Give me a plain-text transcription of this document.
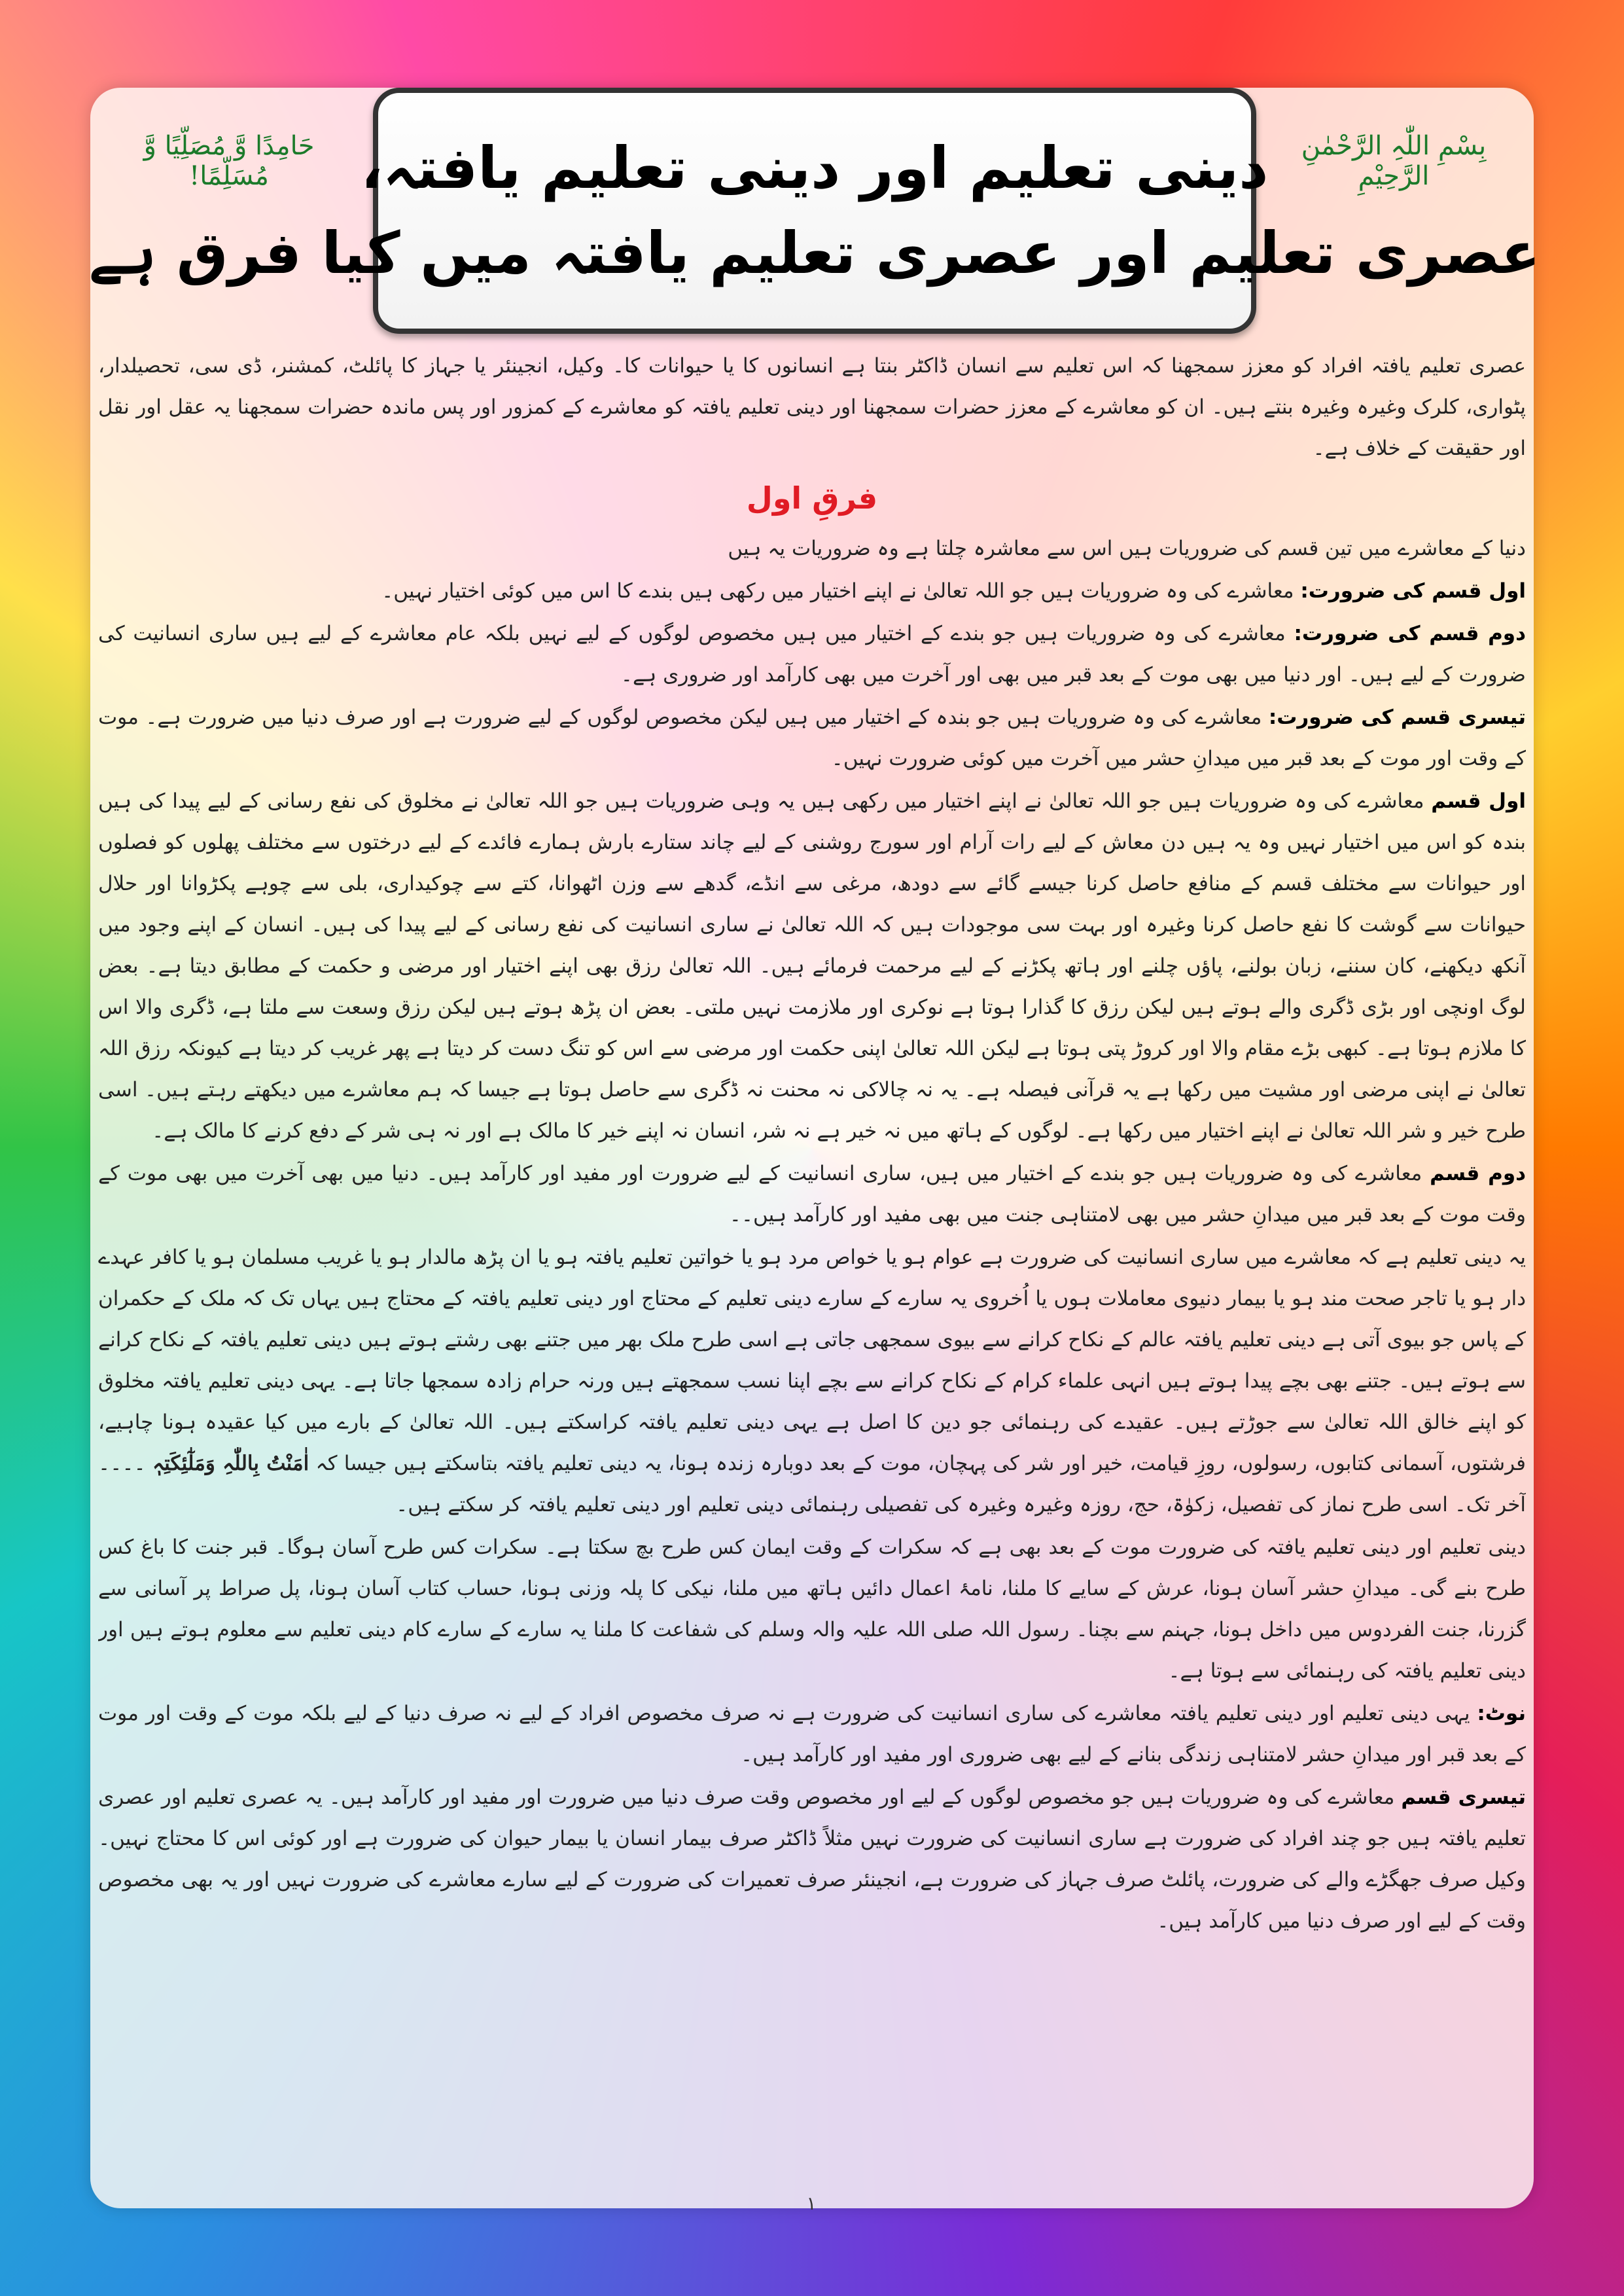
حَامِدًا وَّ مُصَلِّیًا وَّ مُسَلِّمًا!
بِسْمِ اللّٰہِ الرَّحْمٰنِ الرَّحِیْمِ
دینی تعلیم اور دینی تعلیم یافتہ،
عصری تعلیم اور عصری تعلیم یافتہ میں کیا فرق ہے

عصری تعلیم یافتہ افراد کو معزز سمجھنا کہ اس تعلیم سے انسان ڈاکٹر بنتا ہے انسانوں کا یا حیوانات کا۔ وکیل، انجینئر یا جہاز کا پائلٹ، کمشنر، ڈی سی، تحصیلدار، پٹواری، کلرک وغیرہ وغیرہ بنتے ہیں۔ ان کو معاشرے کے معزز حضرات سمجھنا اور دینی تعلیم یافتہ کو معاشرے کے کمزور اور پس ماندہ حضرات سمجھنا یہ عقل اور نقل اور حقیقت کے خلاف ہے۔

فرقِ اول

دنیا کے معاشرے میں تین قسم کی ضروریات ہیں اس سے معاشرہ چلتا ہے وہ ضروریات یہ ہیں

اول قسم کی ضرورت: معاشرے کی وہ ضروریات ہیں جو اللہ تعالیٰ نے اپنے اختیار میں رکھی ہیں بندے کا اس میں کوئی اختیار نہیں۔

دوم قسم کی ضرورت: معاشرے کی وہ ضروریات ہیں جو بندے کے اختیار میں ہیں مخصوص لوگوں کے لیے نہیں بلکہ عام معاشرے کے لیے ہیں ساری انسانیت کی ضرورت کے لیے ہیں۔ اور دنیا میں بھی موت کے بعد قبر میں بھی اور آخرت میں بھی کارآمد اور ضروری ہے۔

تیسری قسم کی ضرورت: معاشرے کی وہ ضروریات ہیں جو بندہ کے اختیار میں ہیں لیکن مخصوص لوگوں کے لیے ضرورت ہے اور صرف دنیا میں ضرورت ہے۔ موت کے وقت اور موت کے بعد قبر میں میدانِ حشر میں آخرت میں کوئی ضرورت نہیں۔

اول قسم معاشرے کی وہ ضروریات ہیں جو اللہ تعالیٰ نے اپنے اختیار میں رکھی ہیں یہ وہی ضروریات ہیں جو اللہ تعالیٰ نے مخلوق کی نفع رسانی کے لیے پیدا کی ہیں بندہ کو اس میں اختیار نہیں وہ یہ ہیں دن معاش کے لیے رات آرام اور سورج روشنی کے لیے چاند ستارے بارش ہمارے فائدے کے لیے درختوں سے مختلف پھلوں کو فصلوں اور حیوانات سے مختلف قسم کے منافع حاصل کرنا جیسے گائے سے دودھ، مرغی سے انڈے، گدھے سے وزن اٹھوانا، کتے سے چوکیداری، بلی سے چوہے پکڑوانا اور حلال حیوانات سے گوشت کا نفع حاصل کرنا وغیرہ اور بہت سی موجودات ہیں کہ اللہ تعالیٰ نے ساری انسانیت کی نفع رسانی کے لیے پیدا کی ہیں۔ انسان کے اپنے وجود میں آنکھ دیکھنے، کان سننے، زبان بولنے، پاؤں چلنے اور ہاتھ پکڑنے کے لیے مرحمت فرمائے ہیں۔ اللہ تعالیٰ رزق بھی اپنے اختیار اور مرضی و حکمت کے مطابق دیتا ہے۔ بعض لوگ اونچی اور بڑی ڈگری والے ہوتے ہیں لیکن رزق کا گذارا ہوتا ہے نوکری اور ملازمت نہیں ملتی۔ بعض ان پڑھ ہوتے ہیں لیکن رزق وسعت سے ملتا ہے، ڈگری والا اس کا ملازم ہوتا ہے۔ کبھی بڑے مقام والا اور کروڑ پتی ہوتا ہے لیکن اللہ تعالیٰ اپنی حکمت اور مرضی سے اس کو تنگ دست کر دیتا ہے پھر غریب کر دیتا ہے کیونکہ رزق اللہ تعالیٰ نے اپنی مرضی اور مشیت میں رکھا ہے یہ قرآنی فیصلہ ہے۔ یہ نہ چالاکی نہ محنت نہ ڈگری سے حاصل ہوتا ہے جیسا کہ ہم معاشرے میں دیکھتے رہتے ہیں۔ اسی طرح خیر و شر اللہ تعالیٰ نے اپنے اختیار میں رکھا ہے۔ لوگوں کے ہاتھ میں نہ خیر ہے نہ شر، انسان نہ اپنے خیر کا مالک ہے اور نہ ہی شر کے دفع کرنے کا مالک ہے۔

دوم قسم معاشرے کی وہ ضروریات ہیں جو بندے کے اختیار میں ہیں، ساری انسانیت کے لیے ضرورت اور مفید اور کارآمد ہیں۔ دنیا میں بھی آخرت میں بھی موت کے وقت موت کے بعد قبر میں میدانِ حشر میں بھی لامتناہی جنت میں بھی مفید اور کارآمد ہیں۔۔

یہ دینی تعلیم ہے کہ معاشرے میں ساری انسانیت کی ضرورت ہے عوام ہو یا خواص مرد ہو یا خواتین تعلیم یافتہ ہو یا ان پڑھ مالدار ہو یا غریب مسلمان ہو یا کافر عہدے دار ہو یا تاجر صحت مند ہو یا بیمار دنیوی معاملات ہوں یا اُخروی یہ سارے کے سارے دینی تعلیم کے محتاج اور دینی تعلیم یافتہ کے محتاج ہیں یہاں تک کہ ملک کے حکمران کے پاس جو بیوی آتی ہے دینی تعلیم یافتہ عالم کے نکاح کرانے سے بیوی سمجھی جاتی ہے اسی طرح ملک بھر میں جتنے بھی رشتے ہوتے ہیں دینی تعلیم یافتہ کے نکاح کرانے سے ہوتے ہیں۔ جتنے بھی بچے پیدا ہوتے ہیں انہی علماء کرام کے نکاح کرانے سے بچے اپنا نسب سمجھتے ہیں ورنہ حرام زادہ سمجھا جاتا ہے۔ یہی دینی تعلیم یافتہ مخلوق کو اپنے خالق اللہ تعالیٰ سے جوڑتے ہیں۔ عقیدے کی رہنمائی جو دین کا اصل ہے یہی دینی تعلیم یافتہ کراسکتے ہیں۔ اللہ تعالیٰ کے بارے میں کیا عقیدہ ہونا چاہیے، فرشتوں، آسمانی کتابوں، رسولوں، روزِ قیامت، خیر اور شر کی پہچان، موت کے بعد دوبارہ زندہ ہونا، یہ دینی تعلیم یافتہ بتاسکتے ہیں جیسا کہ اٰمَنْتُ بِاللّٰہِ وَمَلٰٓئِکَتِہٖ ۔۔۔۔ آخر تک۔ اسی طرح نماز کی تفصیل، زکوٰۃ، حج، روزہ وغیرہ وغیرہ کی تفصیلی رہنمائی دینی تعلیم اور دینی تعلیم یافتہ کر سکتے ہیں۔

دینی تعلیم اور دینی تعلیم یافتہ کی ضرورت موت کے بعد بھی ہے کہ سکرات کے وقت ایمان کس طرح بچ سکتا ہے۔ سکرات کس طرح آسان ہوگا۔ قبر جنت کا باغ کس طرح بنے گی۔ میدانِ حشر آسان ہونا، عرش کے سایے کا ملنا، نامۂ اعمال دائیں ہاتھ میں ملنا، نیکی کا پلہ وزنی ہونا، حساب کتاب آسان ہونا، پل صراط پر آسانی سے گزرنا، جنت الفردوس میں داخل ہونا، جہنم سے بچنا۔ رسول اللہ صلی اللہ علیہ والہ وسلم کی شفاعت کا ملنا یہ سارے کے سارے کام دینی تعلیم سے معلوم ہوتے ہیں اور دینی تعلیم یافتہ کی رہنمائی سے ہوتا ہے۔

نوٹ: یہی دینی تعلیم اور دینی تعلیم یافتہ معاشرے کی ساری انسانیت کی ضرورت ہے نہ صرف مخصوص افراد کے لیے نہ صرف دنیا کے لیے بلکہ موت کے وقت اور موت کے بعد قبر اور میدانِ حشر لامتناہی زندگی بنانے کے لیے بھی ضروری اور مفید اور کارآمد ہیں۔

تیسری قسم معاشرے کی وہ ضروریات ہیں جو مخصوص لوگوں کے لیے اور مخصوص وقت صرف دنیا میں ضرورت اور مفید اور کارآمد ہیں۔ یہ عصری تعلیم اور عصری تعلیم یافتہ ہیں جو چند افراد کی ضرورت ہے ساری انسانیت کی ضرورت نہیں مثلاً ڈاکٹر صرف بیمار انسان یا بیمار حیوان کی ضرورت ہے اور کوئی اس کا محتاج نہیں۔ وکیل صرف جھگڑے والے کی ضرورت، پائلٹ صرف جہاز کی ضرورت ہے، انجینئر صرف تعمیرات کی ضرورت کے لیے سارے معاشرے کی ضرورت نہیں اور یہ بھی مخصوص وقت کے لیے اور صرف دنیا میں کارآمد ہیں۔

۱
